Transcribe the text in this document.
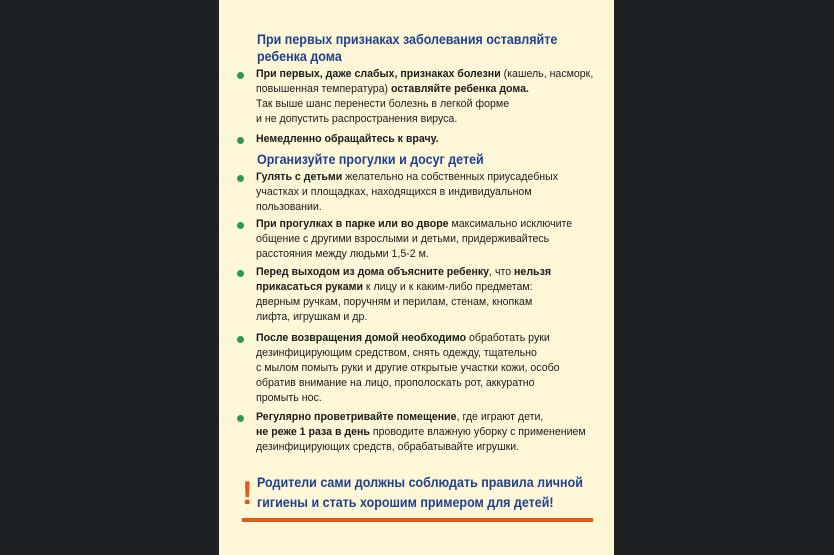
При первых признаках заболевания оставляйте
ребенка дома
При первых, даже слабых, признаках болезни (кашель, насморк,
повышенная температура) оставляйте ребенка дома.
Так выше шанс перенести болезнь в легкой форме
и не допустить распространения вируса.
Немедленно обращайтесь к врачу.
Организуйте прогулки и досуг детей
Гулять с детьми желательно на собственных приусадебных
участках и площадках, находящихся в индивидуальном
пользовании.
При прогулках в парке или во дворе максимально исключите
общение с другими взрослыми и детьми, придерживайтесь
расстояния между людьми 1,5-2 м.
Перед выходом из дома объясните ребенку, что нельзя
прикасаться руками к лицу и к каким-либо предметам:
дверным ручкам, поручням и перилам, стенам, кнопкам
лифта, игрушкам и др.
После возвращения домой необходимо обработать руки
дезинфицирующим средством, снять одежду, тщательно
с мылом помыть руки и другие открытые участки кожи, особо
обратив внимание на лицо, прополоскать рот, аккуратно
промыть нос.
Регулярно проветривайте помещение, где играют дети,
не реже 1 раза в день проводите влажную уборку с применением
дезинфицирующих средств, обрабатывайте игрушки.
! Родители сами должны соблюдать правила личной
гигиены и стать хорошим примером для детей!
